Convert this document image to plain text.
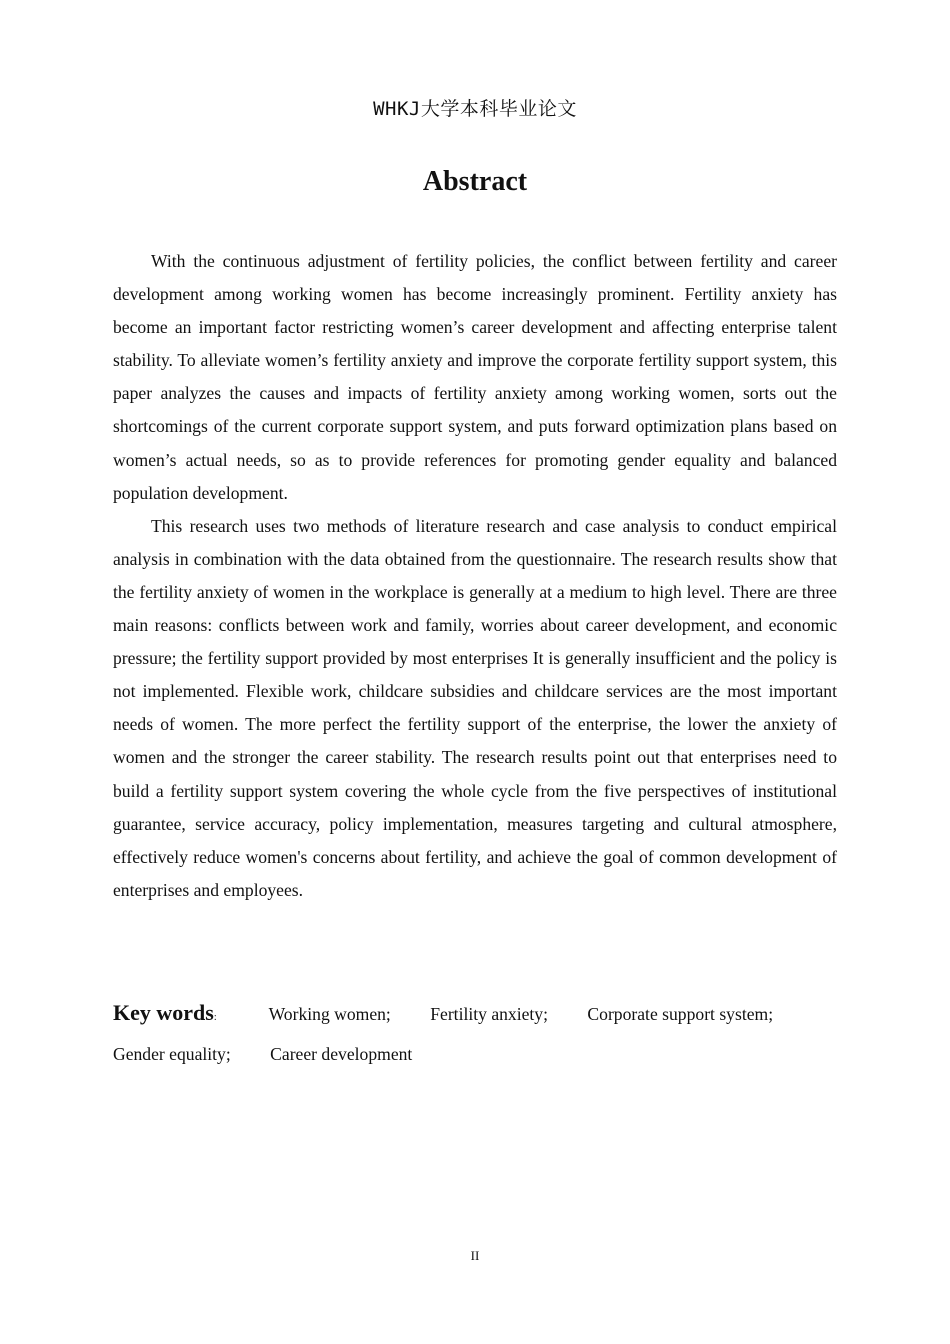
WHKJ大学本科毕业论文
Abstract

With the continuous adjustment of fertility policies, the conflict between fertility and career development among working women has become increasingly prominent. Fertility anxiety has become an important factor restricting women’s career development and affecting enterprise talent stability. To alleviate women’s fertility anxiety and improve the corporate fertility support system, this paper analyzes the causes and impacts of fertility anxiety among working women, sorts out the shortcomings of the current corporate support system, and puts forward optimization plans based on women’s actual needs, so as to provide references for promoting gender equality and balanced population development.

This research uses two methods of literature research and case analysis to conduct empirical analysis in combination with the data obtained from the questionnaire. The research results show that the fertility anxiety of women in the workplace is generally at a medium to high level. There are three main reasons: conflicts between work and family, worries about career development, and economic pressure; the fertility support provided by most enterprises It is generally insufficient and the policy is not implemented. Flexible work, childcare subsidies and childcare services are the most important needs of women. The more perfect the fertility support of the enterprise, the lower the anxiety of women and the stronger the career stability. The research results point out that enterprises need to build a fertility support system covering the whole cycle from the five perspectives of institutional guarantee, service accuracy, policy implementation, measures targeting and cultural atmosphere, effectively reduce women's concerns about fertility, and achieve the goal of common development of enterprises and employees.

Key words:	Working women; Fertility anxiety; Corporate support system;
Gender equality; Career development
II
